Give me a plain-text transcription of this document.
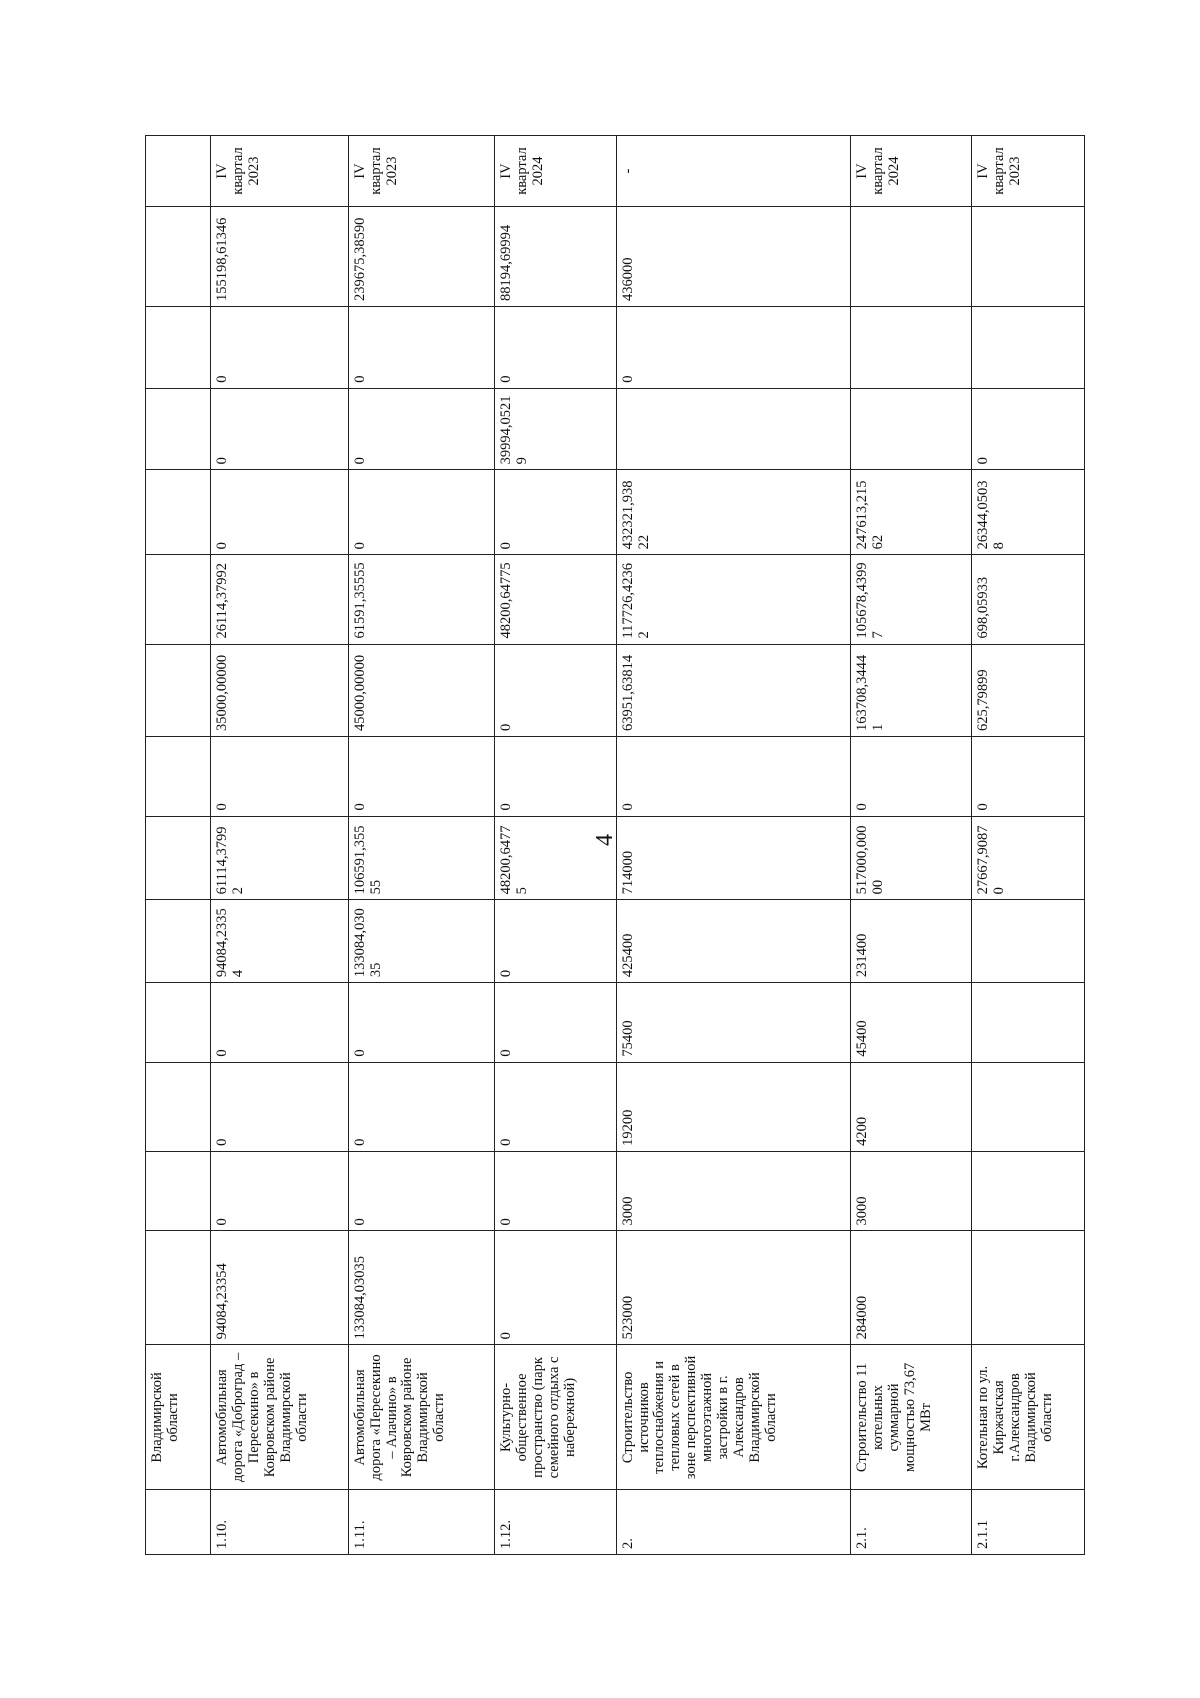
4
	Владимирской области														
1.10.	Автомобильная дорога «Доброград – Пересекино» в Ковровском районе Владимирской области	94084,23354	0	0	0	94084,23354	61114,37992	0	35000,00000	26114,37992	0	0	0	155198,61346	IV квартал 2023
1.11.	Автомобильная дорога «Пересекино – Алачино» в Ковровском районе Владимирской области	133084,03035	0	0	0	133084,03035	106591,35555	0	45000,00000	61591,35555	0	0	0	239675,38590	IV квартал 2023
1.12.	Культурно-общественное пространство (парк семейного отдыха с набережной)	0	0	0	0	0	48200,64775	0	0	48200,64775	0	39994,05219	0	88194,69994	IV квартал 2024
2.	Строительство источников теплоснабжения и тепловых сетей в зоне перспективной многоэтажной застройки в г. Александров Владимирской области	523000	3000	19200	75400	425400	714000	0	63951,63814	117726,42362	432321,93822		0	436000	-
2.1.	Строительство 11 котельных суммарной мощностью 73,67 МВт	284000	3000	4200	45400	231400	517000,00000	0	163708,34441	105678,43997	247613,21562				IV квартал 2024
2.1.1	Котельная по ул. Киржачская г.Александров Владимирской области						27667,90870	0	625,79899	698,05933	26344,05038	0			IV квартал 2023
